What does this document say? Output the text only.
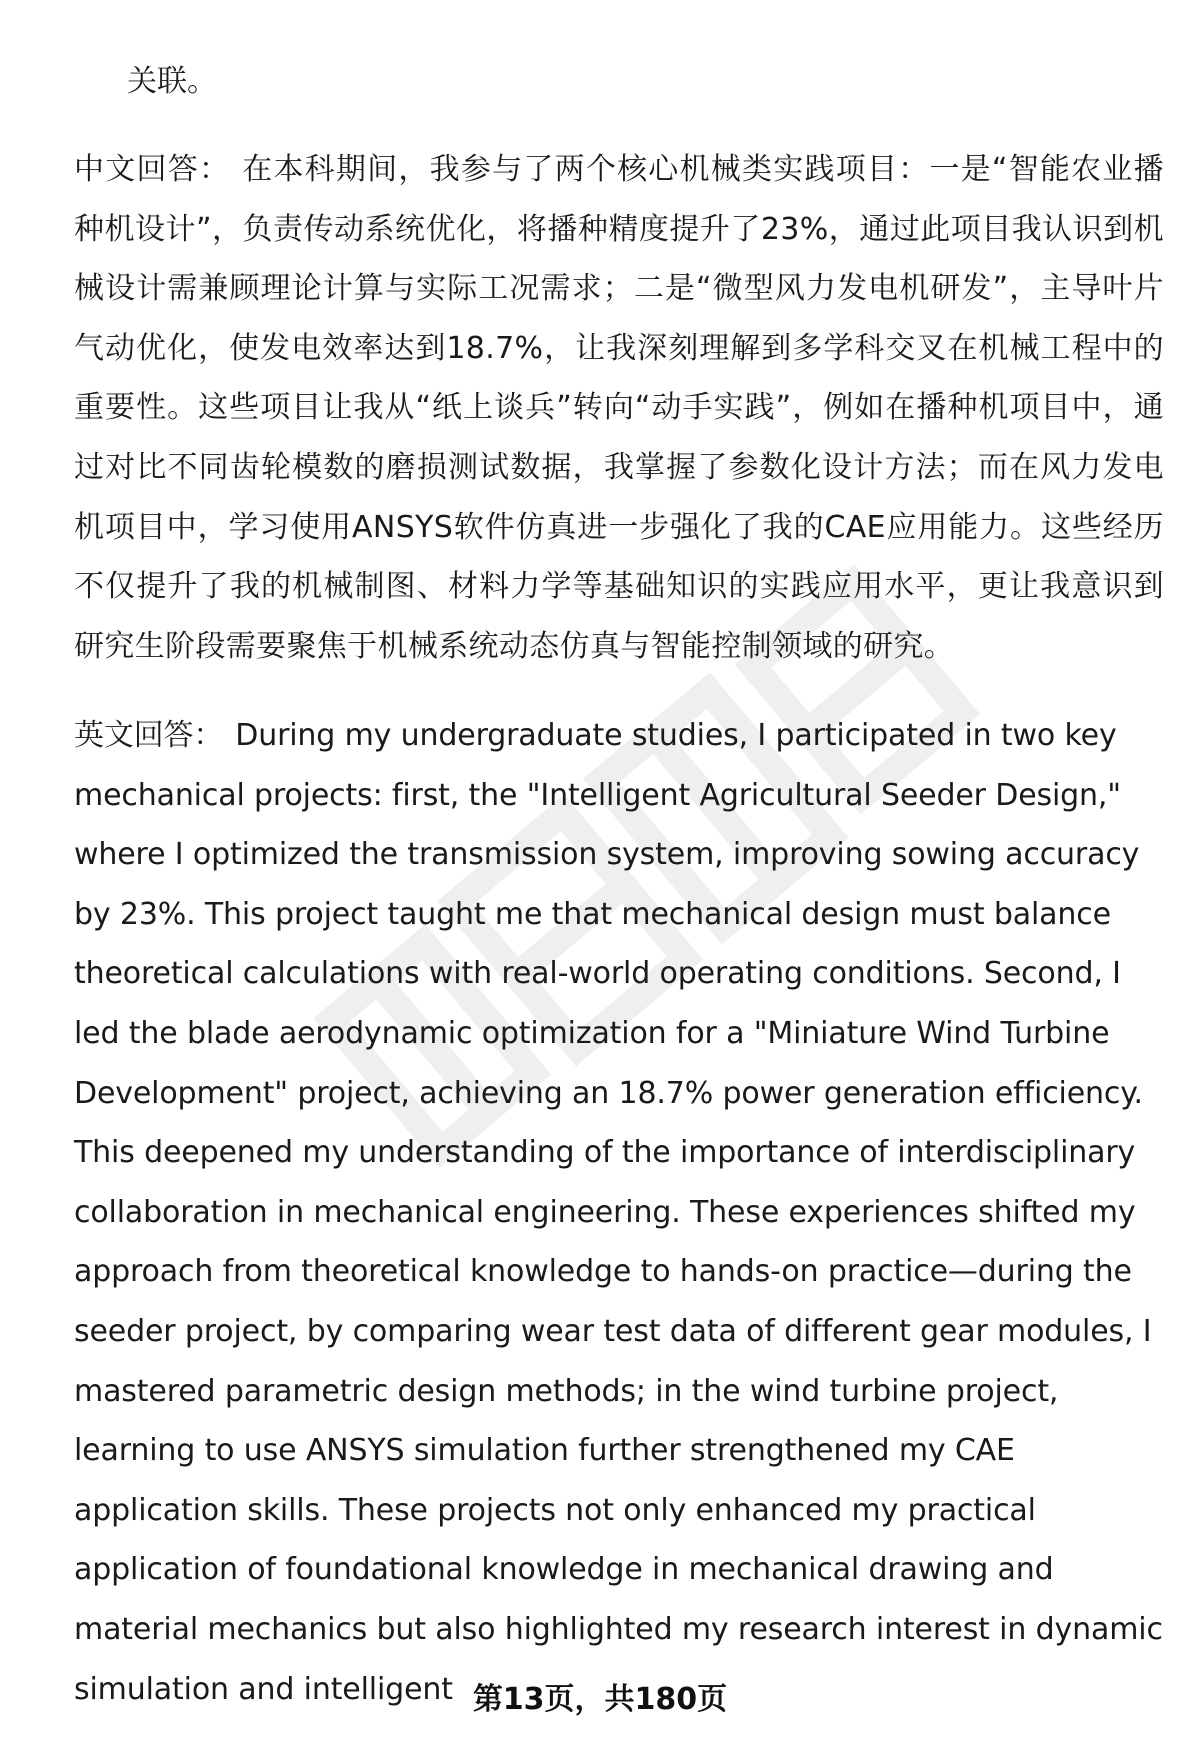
关联。

中文回答： 在本科期间，我参与了两个核心机械类实践项目：一是“智能农业播种机设计”，负责传动系统优化，将播种精度提升了23%，通过此项目我认识到机械设计需兼顾理论计算与实际工况需求；二是“微型风力发电机研发”，主导叶片气动优化，使发电效率达到18.7%，让我深刻理解到多学科交叉在机械工程中的重要性。这些项目让我从“纸上谈兵”转向“动手实践”，例如在播种机项目中，通过对比不同齿轮模数的磨损测试数据，我掌握了参数化设计方法；而在风力发电机项目中，学习使用ANSYS软件仿真进一步强化了我的CAE应用能力。这些经历不仅提升了我的机械制图、材料力学等基础知识的实践应用水平，更让我意识到研究生阶段需要聚焦于机械系统动态仿真与智能控制领域的研究。

英文回答： During my undergraduate studies, I participated in two key mechanical projects: first, the "Intelligent Agricultural Seeder Design," where I optimized the transmission system, improving sowing accuracy by 23%. This project taught me that mechanical design must balance theoretical calculations with real-world operating conditions. Second, I led the blade aerodynamic optimization for a "Miniature Wind Turbine Development" project, achieving an 18.7% power generation efficiency. This deepened my understanding of the importance of interdisciplinary collaboration in mechanical engineering. These experiences shifted my approach from theoretical knowledge to hands-on practice—during the seeder project, by comparing wear test data of different gear modules, I mastered parametric design methods; in the wind turbine project, learning to use ANSYS simulation further strengthened my CAE application skills. These projects not only enhanced my practical application of foundational knowledge in mechanical drawing and material mechanics but also highlighted my research interest in dynamic simulation and intelligent 第13页，共180页
